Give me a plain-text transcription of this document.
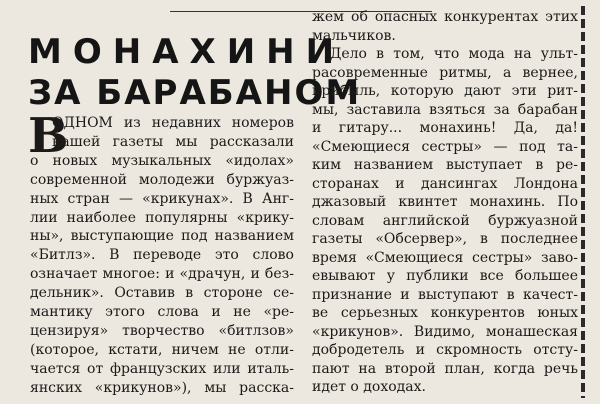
МОНАХИНИ
ЗА БАРАБАНОМ
В
ОДНОМ из недавних номеров
нашей газеты мы рассказали
о новых музыкальных «идолах»
современной молодежи буржуаз-
ных стран — «крикунах». В Анг-
лии наиболее популярны «крику-
ны», выступающие под названием
«Битлз». В переводе это слово
означает многое: и «драчун, и без-
дельник». Оставив в стороне се-
мантику этого слова и не «ре-
цензируя» творчество «битлзов»
(которое, кстати, ничем не отли-
чается от французских или италь-
янских «крикунов»), мы расска-
жем об опасных конкурентах этих
мальчиков.
Дело в том, что мода на ульт-
расовременные ритмы, а вернее,
прибыль, которую дают эти рит-
мы, заставила взяться за барабан
и гитару... монахинь! Да, да!
«Смеющиеся сестры» — под та-
ким названием выступает в ре-
сторанах и дансингах Лондона
джазовый квинтет монахинь. По
словам английской буржуазной
газеты «Обсервер», в последнее
время «Смеющиеся сестры» заво-
евывают у публики все большее
признание и выступают в качест-
ве серьезных конкурентов юных
«крикунов». Видимо, монашеская
добродетель и скромность отсту-
пают на второй план, когда речь
идет о доходах.
